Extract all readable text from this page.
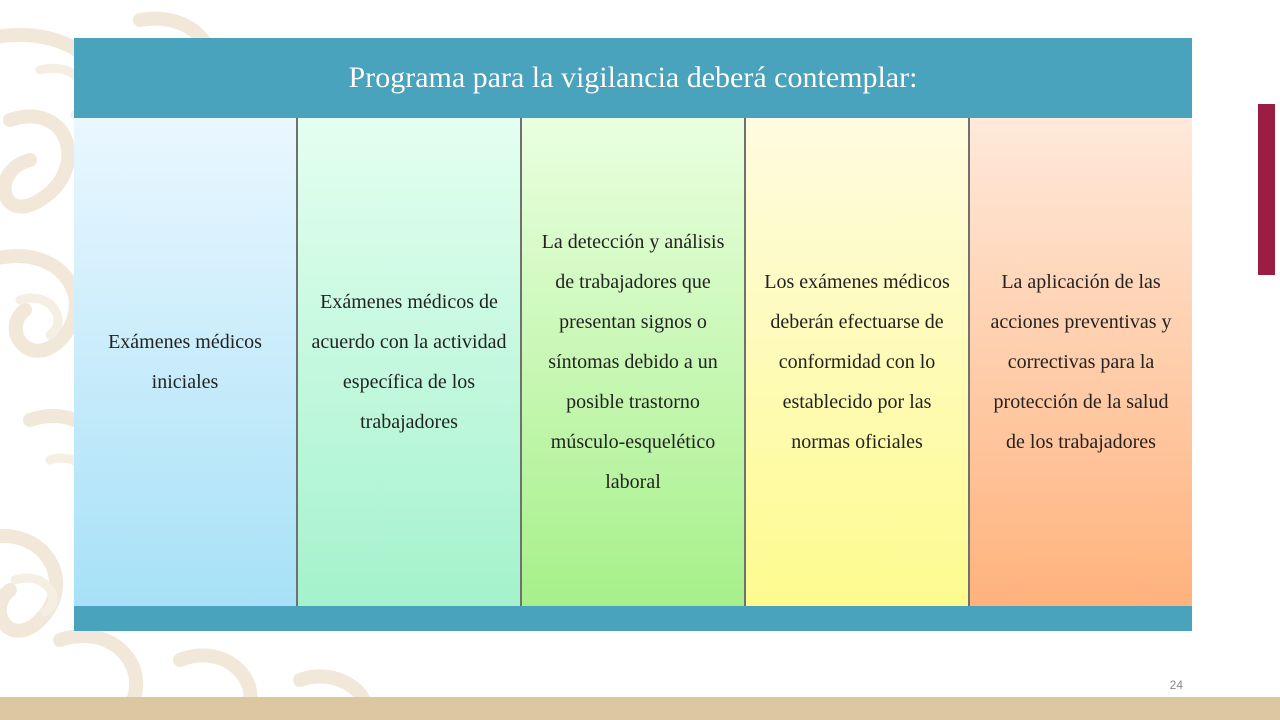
Programa para la vigilancia deberá contemplar:
Exámenes médicos iniciales
Exámenes médicos de acuerdo con la actividad específica de los trabajadores
La detección y análisis de trabajadores que presentan signos o síntomas debido a un posible trastorno músculo-esquelético laboral
Los exámenes médicos deberán efectuarse de conformidad con lo establecido por las normas oficiales
La aplicación de las acciones preventivas y correctivas para la protección de la salud de los trabajadores
24
